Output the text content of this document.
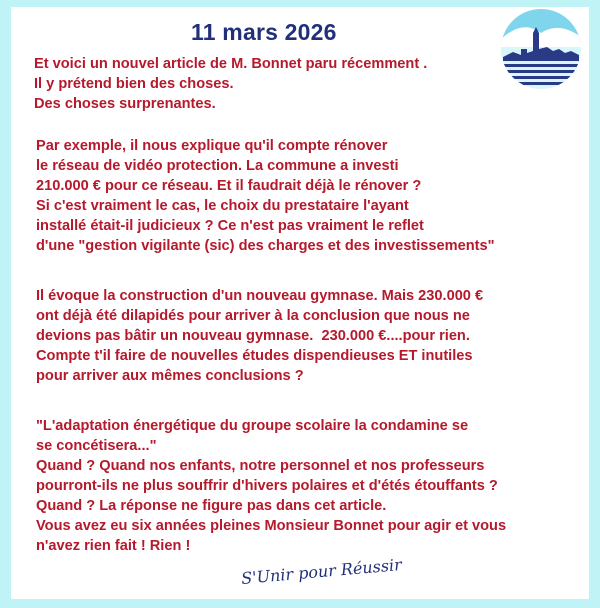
11 mars 2026
Et voici un nouvel article de M. Bonnet paru récemment .
Il y prétend bien des choses.
Des choses surprenantes.
Par exemple, il nous explique qu'il compte rénover
le réseau de vidéo protection. La commune a investi
210.000 € pour ce réseau. Et il faudrait déjà le rénover ?
Si c'est vraiment le cas, le choix du prestataire l'ayant
installé était-il judicieux ? Ce n'est pas vraiment le reflet
d'une "gestion vigilante (sic) des charges et des investissements"
Il évoque la construction d'un nouveau gymnase. Mais 230.000 €
ont déjà été dilapidés pour arriver à la conclusion que nous ne
devions pas bâtir un nouveau gymnase.  230.000 €....pour rien.
Compte t'il faire de nouvelles études dispendieuses ET inutiles
pour arriver aux mêmes conclusions ?
"L'adaptation énergétique du groupe scolaire la condamine se
se concétisera..."
Quand ? Quand nos enfants, notre personnel et nos professeurs
pourront-ils ne plus souffrir d'hivers polaires et d'étés étouffants ?
Quand ? La réponse ne figure pas dans cet article.
Vous avez eu six années pleines Monsieur Bonnet pour agir et vous
n'avez rien fait ! Rien !
S'Unir pour Réussir
